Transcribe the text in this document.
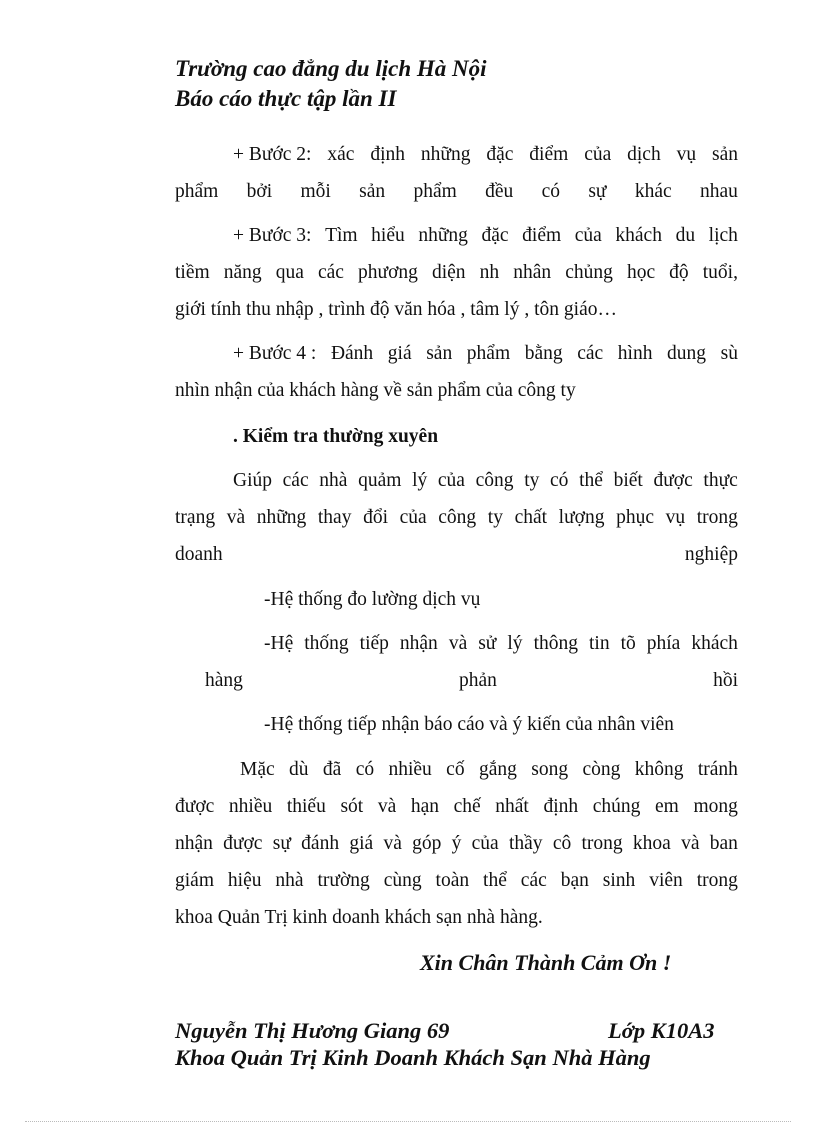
Trường cao đẳng du lịch Hà Nội
Báo cáo thực tập lần II
+ Bước 2: xác định những đặc điểm của dịch vụ sản
phẩm bởi mỗi sản phẩm đều có sự khác nhau
+ Bước 3: Tìm hiểu những đặc điểm của khách du lịch
tiềm năng qua các phương diện nh nhân chủng học độ tuổi,
giới tính thu nhập , trình độ văn hóa , tâm lý , tôn giáo…
+ Bước 4 : Đánh giá sản phẩm bằng các hình dung sù
nhìn nhận của khách hàng về sản phẩm của công ty
. Kiểm tra thường xuyên
Giúp các nhà quảm lý của công ty có thể biết được thực
trạng và những thay đổi của công ty chất lượng phục vụ trong
doanh	nghiệp
-Hệ thống đo lường dịch vụ
-Hệ thống tiếp nhận và sử lý thông tin tõ phía khách
hàng	phản	hồi
-Hệ thống tiếp nhận báo cáo và ý kiến của nhân viên
Mặc dù đã có nhiều cố gắng song còng không tránh
được nhiều thiếu sót và hạn chế nhất định chúng em mong
nhận được sự đánh giá và góp ý của thầy cô trong khoa và ban
giám hiệu nhà trường cùng toàn thể các bạn sinh viên trong
khoa Quản Trị kinh doanh khách sạn nhà hàng.
Xin Chân Thành Cảm Ơn !
Nguyễn Thị Hương Giang 69	Lớp K10A3
Khoa Quản Trị Kinh Doanh Khách Sạn Nhà Hàng
